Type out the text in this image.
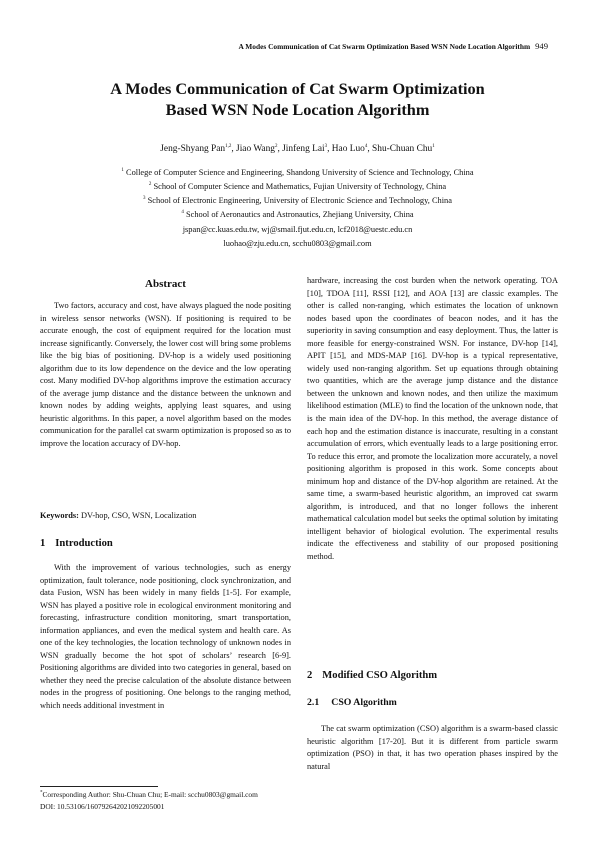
A Modes Communication of Cat Swarm Optimization Based WSN Node Location Algorithm 949
A Modes Communication of Cat Swarm Optimization
Based WSN Node Location Algorithm
Jeng-Shyang Pan$^{1,2}$, Jiao Wang$^2$, Jinfeng Lai$^3$, Hao Luo$^4$, Shu-Chuan Chu$^1$
$^1$ College of Computer Science and Engineering, Shandong University of Science and Technology, China
$^2$ School of Computer Science and Mathematics, Fujian University of Technology, China
$^3$ School of Electronic Engineering, University of Electronic Science and Technology, China
$^4$ School of Aeronautics and Astronautics, Zhejiang University, China
jspan@cc.kuas.edu.tw, wj@smail.fjut.edu.cn, lcf2018@uestc.edu.cn
luohao@zju.edu.cn, scchu0803@gmail.com
Abstract

Two factors, accuracy and cost, have always plagued the node positing in wireless sensor networks (WSN). If positioning is required to be accurate enough, the cost of equipment required for the location must increase significantly. Conversely, the lower cost will bring some problems like the big bias of positioning. DV-hop is a widely used positioning algorithm due to its low dependence on the device and the low operating cost. Many modified DV-hop algorithms improve the estimation accuracy of the average jump distance and the distance between the unknown and known nodes by adding weights, applying least squares, and using heuristic algorithms. In this paper, a novel algorithm based on the modes communication for the parallel cat swarm optimization is proposed so as to improve the location accuracy of DV-hop.

Keywords: DV-hop, CSO, WSN, Localization
1 Introduction

With the improvement of various technologies, such as energy optimization, fault tolerance, node positioning, clock synchronization, and data Fusion, WSN has been widely in many fields [1-5]. For example, WSN has played a positive role in ecological environment monitoring and forecasting, infrastructure condition monitoring, smart transportation, information appliances, and even the medical system and health care. As one of the key technologies, the location technology of unknown nodes in WSN gradually become the hot spot of scholars’ research [6-9]. Positioning algorithms are divided into two categories in general, based on whether they need the precise calculation of the absolute distance between nodes in the progress of positioning. One belongs to the ranging method, which needs additional investment in

hardware, increasing the cost burden when the network operating. TOA [10], TDOA [11], RSSI [12], and AOA [13] are classic examples. The other is called non-ranging, which estimates the location of unknown nodes based upon the coordinates of beacon nodes, and it has the superiority in saving consumption and easy deployment. Thus, the latter is more feasible for energy-constrained WSN. For instance, DV-hop [14], APIT [15], and MDS-MAP [16]. DV-hop is a typical representative, widely used non-ranging algorithm. Set up equations through obtaining two quantities, which are the average jump distance and the distance between the unknown and known nodes, and then utilize the maximum likelihood estimation (MLE) to find the location of the unknown node, that is the main idea of the DV-hop. In this method, the average distance of each hop and the estimation distance is inaccurate, resulting in a constant accumulation of errors, which eventually leads to a large positioning error. To reduce this error, and promote the localization more accurately, a novel positioning algorithm is proposed in this work. Some concepts about minimum hop and distance of the DV-hop algorithm are retained. At the same time, a swarm-based heuristic algorithm, an improved cat swarm algorithm, is introduced, and that no longer follows the inherent mathematical calculation model but seeks the optimal solution by imitating intelligent behavior of biological evolution. The experimental results indicate the effectiveness and stability of our proposed positioning method.

2 Modified CSO Algorithm
2.1 CSO Algorithm

The cat swarm optimization (CSO) algorithm is a swarm-based classic heuristic algorithm [17-20]. But it is different from particle swarm optimization (PSO) in that, it has two operation phases inspired by the natural

*Corresponding Author: Shu-Chuan Chu; E-mail: scchu0803@gmail.com
DOI: 10.53106/160792642021092205001
